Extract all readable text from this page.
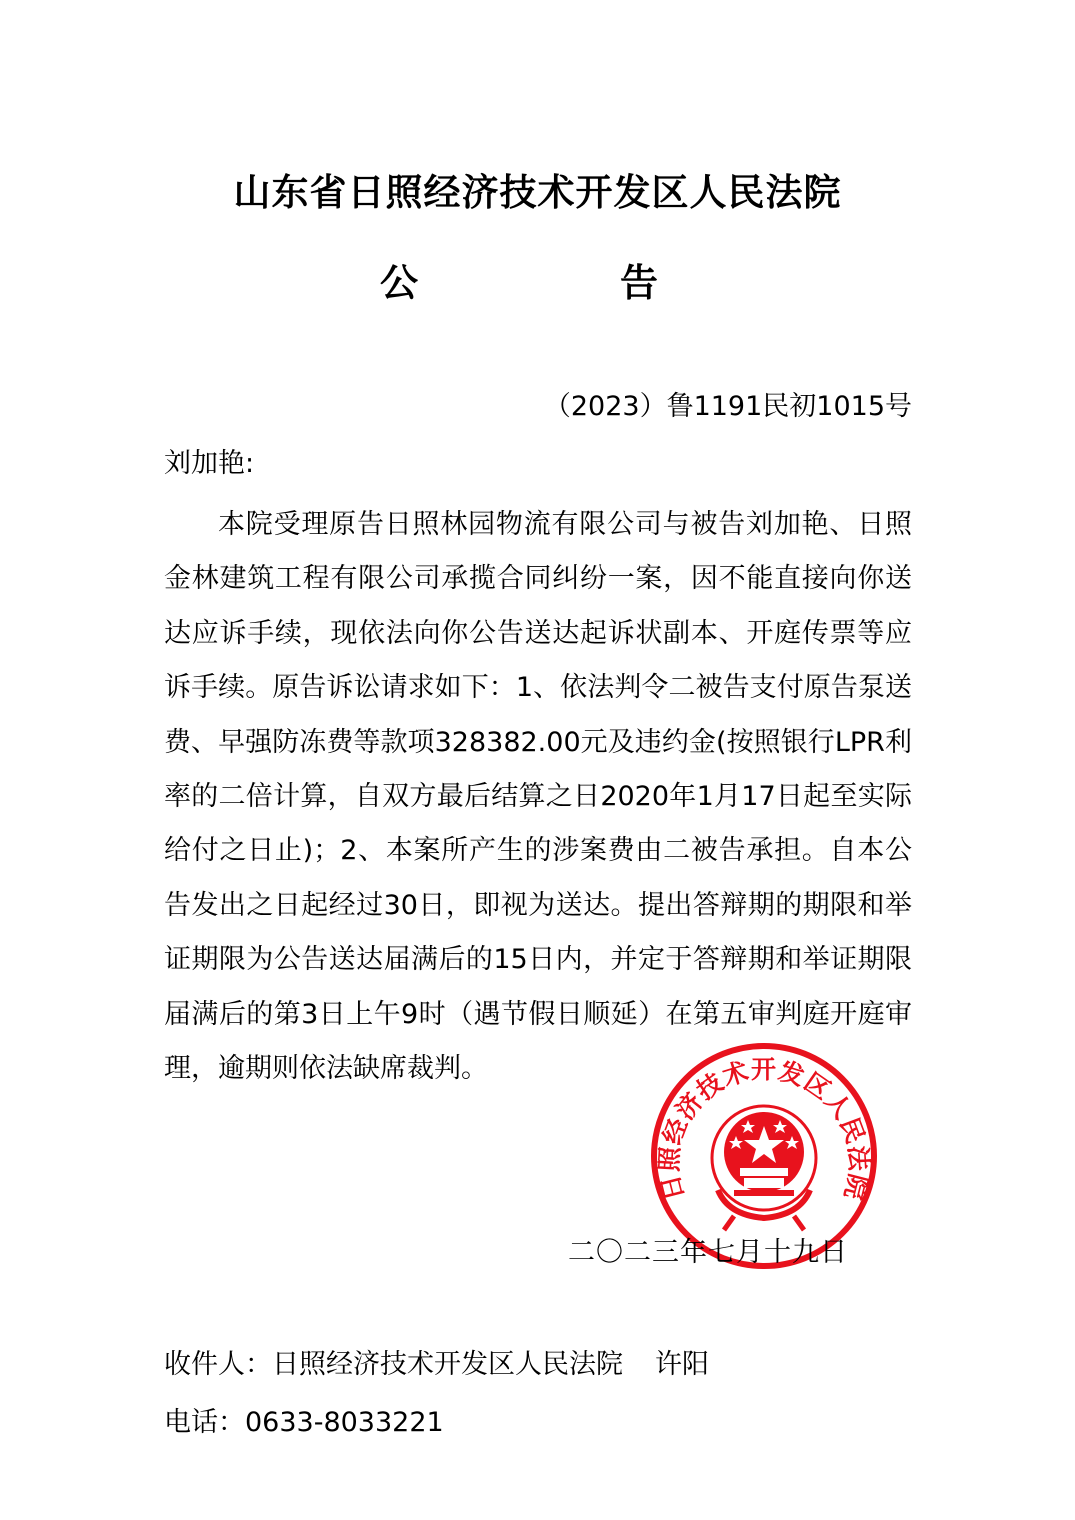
山东省日照经济技术开发区人民法院
公	告
（2023）鲁1191民初1015号
刘加艳:
本院受理原告日照林园物流有限公司与被告刘加艳、日照金林建筑工程有限公司承揽合同纠纷一案，因不能直接向你送达应诉手续，现依法向你公告送达起诉状副本、开庭传票等应诉手续。原告诉讼请求如下：1、依法判令二被告支付原告泵送费、早强防冻费等款项328382.00元及违约金(按照银行LPR利率的二倍计算，自双方最后结算之日2020年1月17日起至实际给付之日止)；2、本案所产生的涉案费由二被告承担。自本公告发出之日起经过30日，即视为送达。提出答辩期的期限和举证期限为公告送达届满后的15日内，并定于答辩期和举证期限届满后的第3日上午9时（遇节假日顺延）在第五审判庭开庭审理，逾期则依法缺席裁判。
日照经济技术开发区人民法院
二〇二三年七月十九日
收件人：日照经济技术开发区人民法院 许阳
电话：0633-8033221
